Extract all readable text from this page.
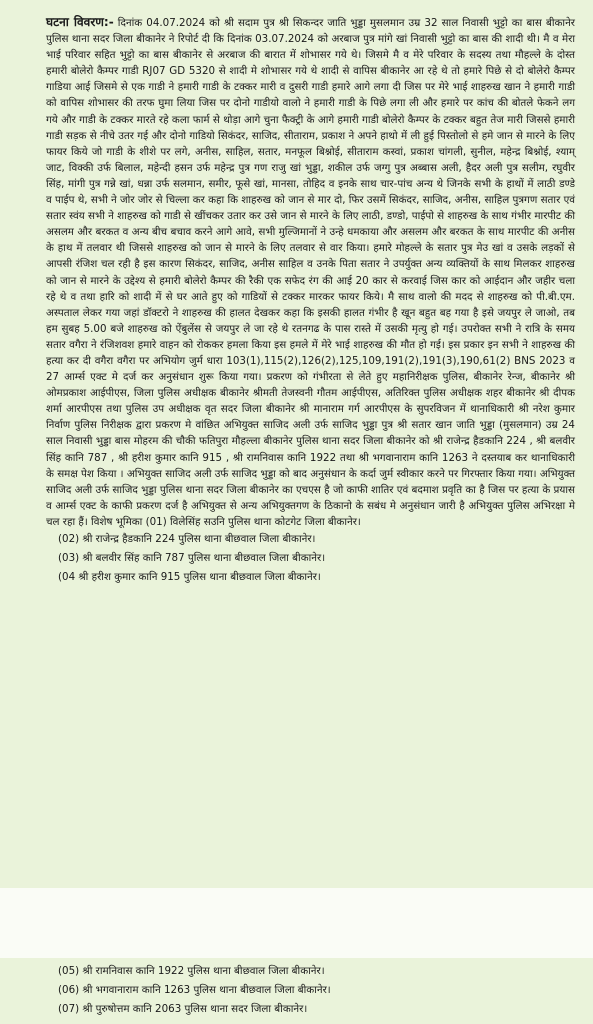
घटना विवरण:- दिनांक 04.07.2024 को श्री सदाम पुत्र श्री सिकन्दर जाति भुड्डा मुसलमान उम्र 32 साल निवासी भुट्टो का बास बीकानेर पुलिस थाना सदर जिला बीकानेर ने रिपोर्ट दी कि दिनांक 03.07.2024 को अरबाज पुत्र मांगे खां निवासी भुट्टो का बास की शादी थी। मै व मेरा भाई परिवार सहित भुट्टो का बास बीकानेर से अरबाज की बारात में शोभासर गये थे। जिसमे मै व मेरे परिवार के सदस्य तथा मौहल्ले के दोस्त हमारी बोलेरो कैम्पर गाडी RJ07 GD 5320 से शादी मे शोभासर गये थे शादी से वापिस बीकानेर आ रहे थे तो हमारे पिछे से दो बोलेरो कैम्पर गाडिया आई जिसमे से एक गाडी ने हमारी गाडी के टक्कर मारी व दुसरी गाडी हमारे आगे लगा दी जिस पर मेरे भाई शाहरुख खान ने हमारी गाडी को वापिस शोभासर की तरफ घुमा लिया जिस पर दोनो गाडीयो वालो ने हमारी गाडी के पिछे लगा ली और हमारे पर कांच की बोतले फेकने लग गये और गाडी के टक्कर मारते रहे कला फार्म से थोड़ा आगे चुना फैक्ट्री के आगे हमारी गाडी बोलेरो कैम्पर के टक्कर बहुत तेज मारी जिससे हमारी गाडी सड़क से नीचे उतर गई और दोनो गाडियो सिकंदर, साजिद, सीताराम, प्रकाश ने अपने हाथो में ली हुई पिस्तोलो से हमे जान से मारने के लिए फायर किये जो गाडी के शीशे पर लगे, अनीस, साहिल, सतार, मनफूल बिश्नोई, सीताराम कस्वां, प्रकाश चांगली, सुनील, महेन्द्र बिश्नोई, श्याम् जाट, विक्की उर्फ बिलाल, महेन्दी हसन उर्फ महेन्द्र पुत्र गण राजु खां भुड्डा, शकील उर्फ जग्गु पुत्र अब्बास अली, हैदर अली पुत्र सलीम, रघुवीर सिंह, मांगी पुत्र गन्ने खां, धन्ना उर्फ सलमान, समीर, फूसे खां, मानसा, तोहिद व इनके साथ चार-पांच अन्य थे जिनके सभी के हाथों में लाठी डण्डे व पाईप थे, सभी ने जोर जोर से चिल्ला कर कहा कि शाहरुख को जान से मार दो, फिर उसमें सिकंदर, साजिद, अनीस, साहिल पुत्रगण सतार एवं सतार स्वंय सभी ने शाहरुख को गाडी से खींचकर उतार कर उसे जान से मारने के लिए लाठी, डण्डो, पाईपो से शाहरुख के साथ गंभीर मारपीट की असलम और बरकत व अन्य बीच बचाव करने आगे आवे, सभी मुल्जिमानों ने उन्हे धमकाया और असलम और बरकत के साथ मारपीट की अनीस के हाथ में तलवार थी जिससे शाहरुख को जान से मारने के लिए तलवार से वार किया। हमारे मोहल्ले के सतार पुत्र मेउ खां व उसके लड़कों से आपसी रंजिश चल रही है इस कारण सिकंदर, साजिद, अनीस साहिल व उनके पिता सतार ने उपर्युक्त अन्य व्यक्तियों के साथ मिलकर शाहरुख को जान से मारने के उद्देश्य से हमारी बोलेरो कैम्पर की रैकी एक सफेद रंग की आई 20 कार से करवाई जिस कार को आईदान और जहीर चला रहे थे व तथा हारि को शादी में से घर आते हुए को गाडियों से टक्कर मारकर फायर किये। मै साथ वालो की मदद से शाहरुख को पी.बी.एम. अस्पताल लेकर गया जहां डॉक्टरो ने शाहरुख की हालत देखकर कहा कि इसकी हालत गंभीर है खून बहुत बह गया है इसे जयपुर ले जाओ, तब हम सुबह 5.00 बजे शाहरुख को ऐंबुलेंस से जयपुर ले जा रहे थे रतनगढ के पास रास्ते में उसकी मृत्यु हो गई। उपरोक्त सभी ने रात्रि के समय सतार वगैरा ने रंजिशवश हमारे वाहन को रोककर हमला किया इस हमले में मेरे भाई शाहरुख की मौत हो गई। इस प्रकार इन सभी ने शाहरुख की हत्या कर दी वगैरा वगैरा पर अभियोग जुर्म धारा 103(1),115(2),126(2),125,109,191(2),191(3),190,61(2) BNS 2023 व 27 आर्म्स एक्ट मे दर्ज कर अनुसंधान शुरू किया गया। प्रकरण को गंभीरता से लेते हुए महानिरीक्षक पुलिस, बीकानेर रेन्ज, बीकानेर श्री ओमप्रकाश आईपीएस, जिला पुलिस अधीक्षक बीकानेर श्रीमती तेजस्वनी गौतम आईपीएस, अतिरिक्त पुलिस अधीक्षक शहर बीकानेर श्री दीपक शर्मा आरपीएस तथा पुलिस उप अधीक्षक वृत सदर जिला बीकानेर श्री मानाराम गर्ग आरपीएस के सुपरविजन में थानाधिकारी श्री नरेश कुमार निर्वाण पुलिस निरीक्षक द्वारा प्रकरण मे वांछित अभियुक्त साजिद अली उर्फ साजिद भुड्डा पुत्र श्री सतार खान जाति भुड्डा (मुसलमान) उम्र 24 साल निवासी भुड्डा बास मोहरम की चौकी फतिपुरा मौहल्ला बीकानेर पुलिस थाना सदर जिला बीकानेर को श्री राजेन्द्र हैडकानि 224 , श्री बलवीर सिंह कानि 787 , श्री हरीश कुमार कानि 915 , श्री रामनिवास कानि 1922 तथा श्री भगवानाराम कानि 1263 ने दस्तयाब कर थानाधिकारी के समक्ष पेश किया । अभियुक्त साजिद अली उर्फ साजिद भुड्डा को बाद अनुसंधान के कर्दा जुर्म स्वीकार करने पर गिरफ्तार किया गया। अभियुक्त साजिद अली उर्फ साजिद भुड्डा पुलिस थाना सदर जिला बीकानेर का एचएस है जो काफी शातिर एवं बदमाश प्रवृति का है जिस पर हत्या के प्रयास व आर्म्स एक्ट के काफी प्रकरण दर्ज है अभियुक्त से अन्य अभियुक्तगण के ठिकानो के सबंध मे अनुसंधान जारी है अभियुक्त पुलिस अभिरक्षा मे चल रहा हैं। विशेष भूमिका (01) विलेसिंह सउनि पुलिस थाना कोटगेट जिला बीकानेर।
(02) श्री राजेन्द्र हैडकानि 224 पुलिस थाना बीछवाल जिला बीकानेर।
(03) श्री बलवीर सिंह कानि 787 पुलिस थाना बीछवाल जिला बीकानेर।
(04 श्री हरीश कुमार कानि 915 पुलिस थाना बीछवाल जिला बीकानेर।
(05) श्री रामनिवास कानि 1922 पुलिस थाना बीछवाल जिला बीकानेर।
(06) श्री भगवानाराम कानि 1263 पुलिस थाना बीछवाल जिला बीकानेर।
(07) श्री पुरुषोत्तम कानि 2063 पुलिस थाना सदर जिला बीकानेर।
